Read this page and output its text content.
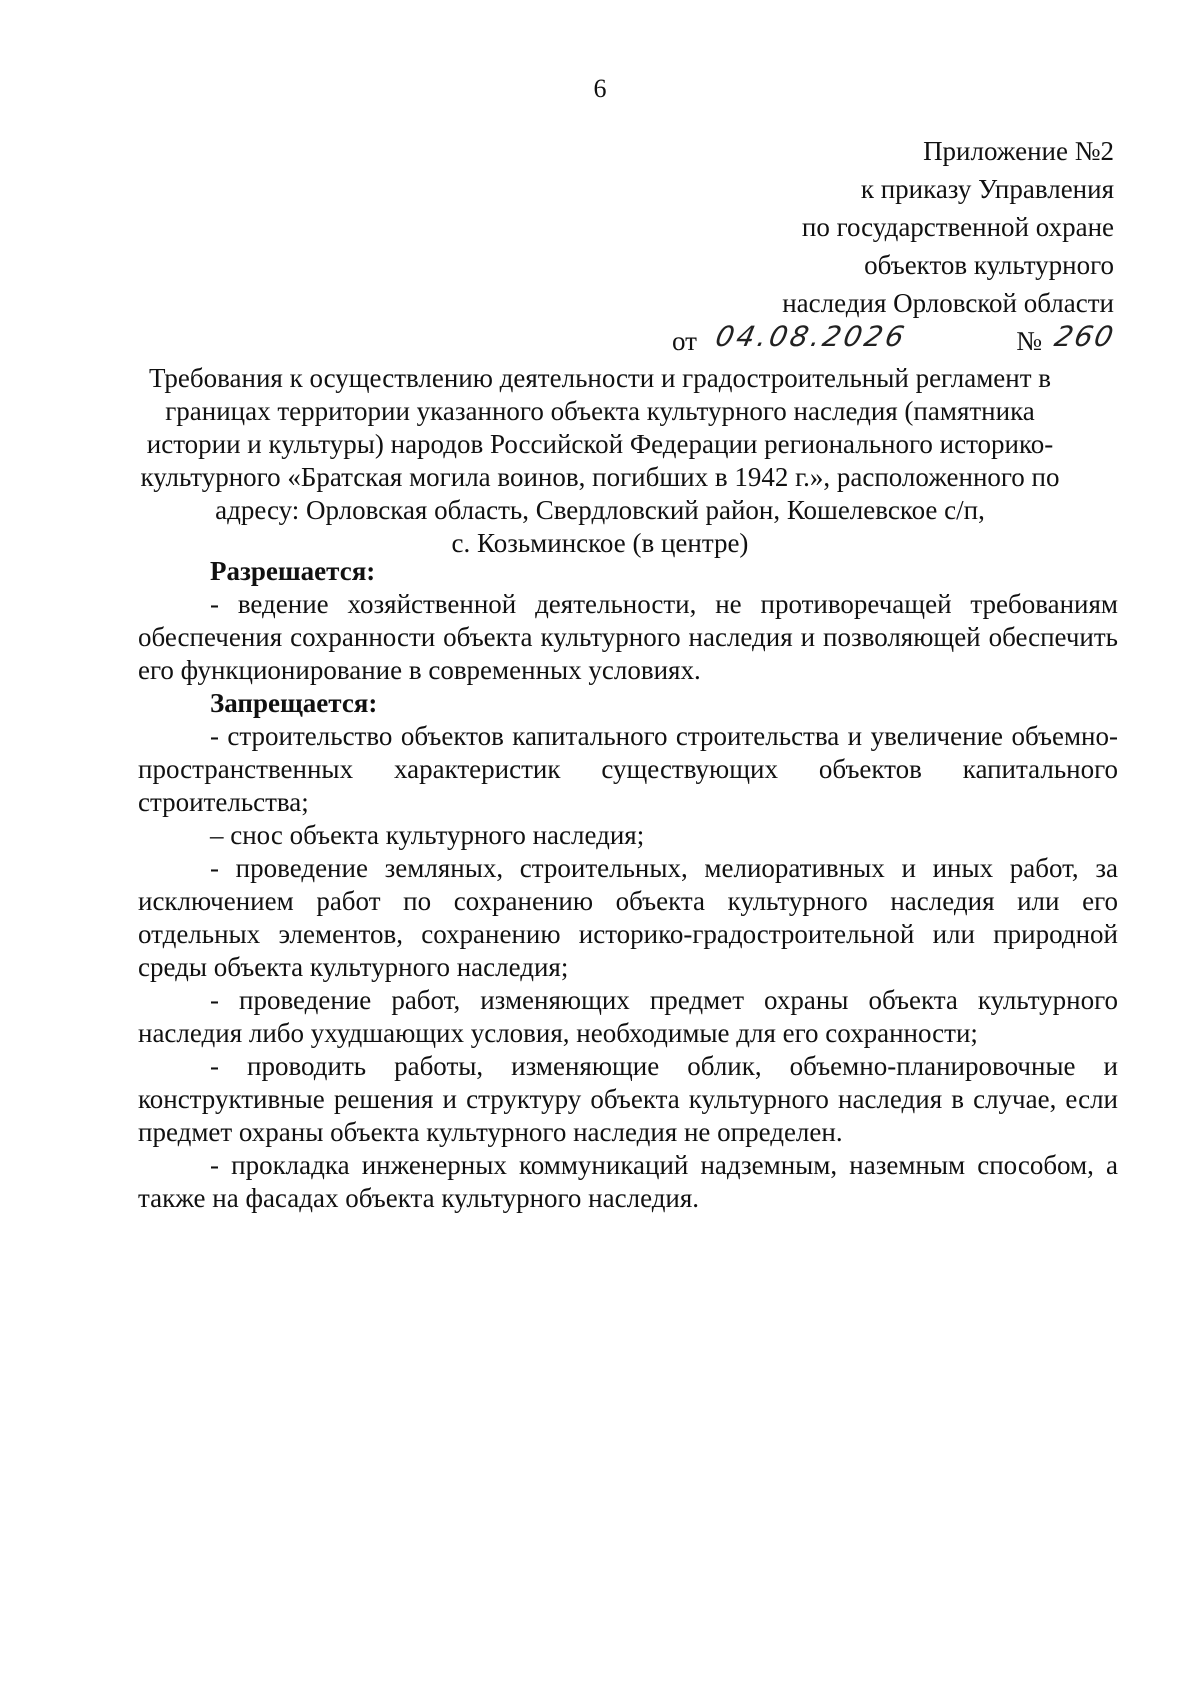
6
Приложение №2
к приказу Управления
по государственной охране
объектов культурного
наследия Орловской области
от 04.08.2026	№ 260
Требования к осуществлению деятельности и градостроительный регламент в
границах территории указанного объекта культурного наследия (памятника
истории и культуры) народов Российской Федерации регионального историко-
культурного «Братская могила воинов, погибших в 1942 г.», расположенного по
адресу: Орловская область, Свердловский район, Кошелевское с/п,
с. Козьминское (в центре)
Разрешается:

- ведение хозяйственной деятельности, не противоречащей требованиям обеспечения сохранности объекта культурного наследия и позволяющей обеспечить его функционирование в современных условиях.

Запрещается:

- строительство объектов капитального строительства и увеличение объемно-пространственных характеристик существующих объектов капитального строительства;

– снос объекта культурного наследия;

- проведение земляных, строительных, мелиоративных и иных работ, за исключением работ по сохранению объекта культурного наследия или его отдельных элементов, сохранению историко-градостроительной или природной среды объекта культурного наследия;

- проведение работ, изменяющих предмет охраны объекта культурного наследия либо ухудшающих условия, необходимые для его сохранности;

- проводить работы, изменяющие облик, объемно-планировочные и конструктивные решения и структуру объекта культурного наследия в случае, если предмет охраны объекта культурного наследия не определен.

- прокладка инженерных коммуникаций надземным, наземным способом, а также на фасадах объекта культурного наследия.
